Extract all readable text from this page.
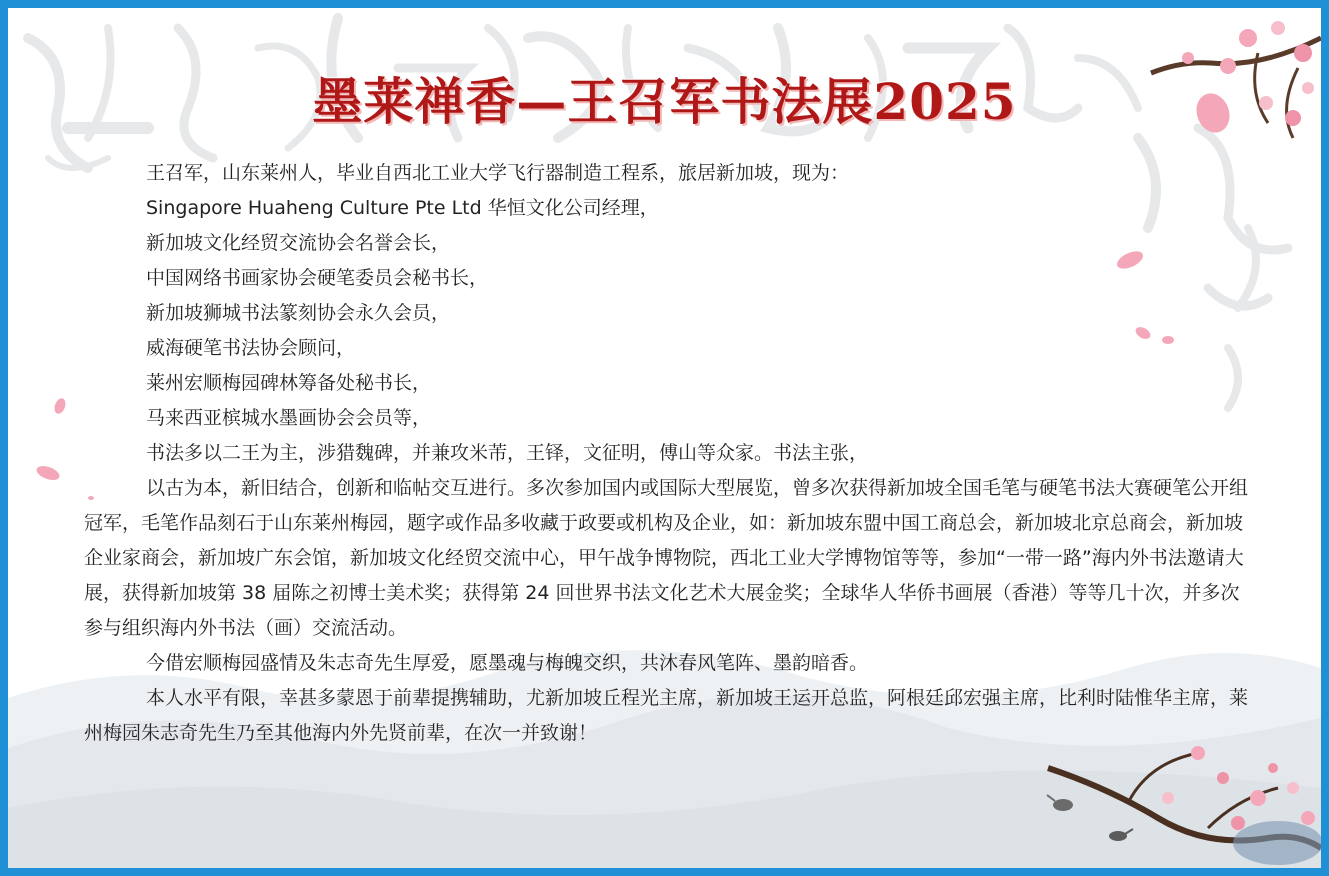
墨莱禅香—王召军书法展2025

王召军，山东莱州人，毕业自西北工业大学飞行器制造工程系，旅居新加坡，现为：

Singapore Huaheng Culture Pte Ltd 华恒文化公司经理，

新加坡文化经贸交流协会名誉会长，

中国网络书画家协会硬笔委员会秘书长，

新加坡狮城书法篆刻协会永久会员，

威海硬笔书法协会顾问，

莱州宏顺梅园碑林筹备处秘书长，

马来西亚槟城水墨画协会会员等，

书法多以二王为主，涉猎魏碑，并兼攻米芾，王铎，文征明，傅山等众家。书法主张，

以古为本，新旧结合，创新和临帖交互进行。多次参加国内或国际大型展览，曾多次获得新加坡全国毛笔与硬笔书法大赛硬笔公开组冠军，毛笔作品刻石于山东莱州梅园，题字或作品多收藏于政要或机构及企业，如：新加坡东盟中国工商总会，新加坡北京总商会，新加坡企业家商会，新加坡广东会馆，新加坡文化经贸交流中心，甲午战争博物院，西北工业大学博物馆等等，参加“一带一路”海内外书法邀请大展，获得新加坡第 38 届陈之初博士美术奖；获得第 24 回世界书法文化艺术大展金奖；全球华人华侨书画展（香港）等等几十次，并多次参与组织海内外书法（画）交流活动。

今借宏顺梅园盛情及朱志奇先生厚爱，愿墨魂与梅魄交织，共沐春风笔阵、墨韵暗香。

本人水平有限，幸甚多蒙恩于前辈提携辅助，尤新加坡丘程光主席，新加坡王运开总监，阿根廷邱宏强主席，比利时陆惟华主席，莱州梅园朱志奇先生乃至其他海内外先贤前辈，在次一并致谢！
